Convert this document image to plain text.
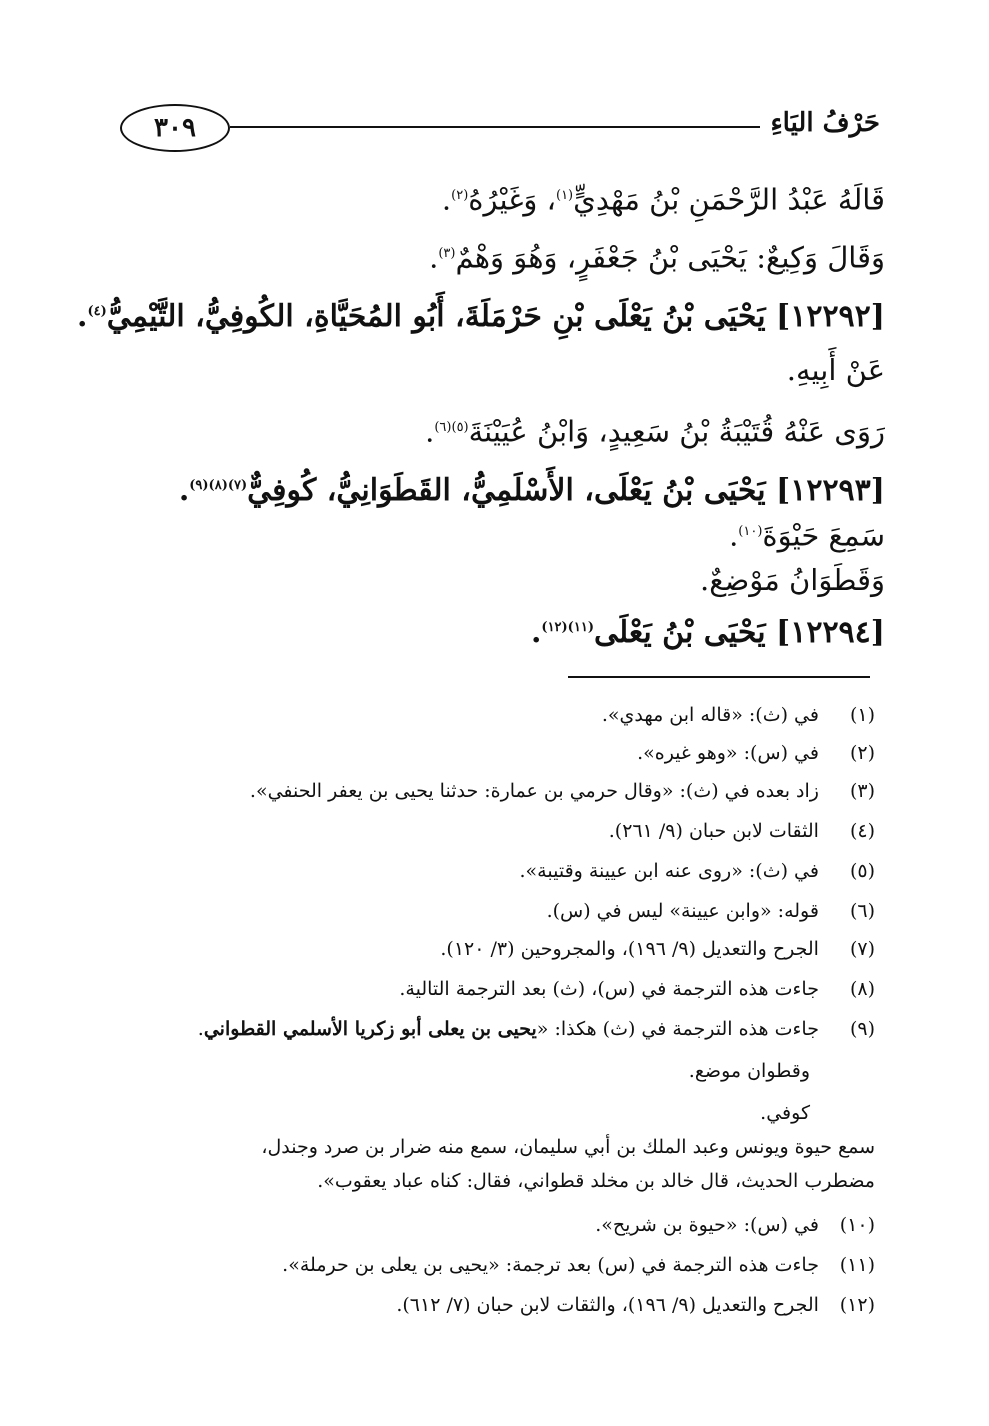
٣٠٩	حَرْفُ اليَاءِ
قَالَهُ عَبْدُ الرَّحْمَنِ بْنُ مَهْدِيٍّ$^{(١)}$، وَغَيْرُهُ$^{(٢)}$.
وَقَالَ وَكِيعٌ: يَحْيَى بْنُ جَعْفَرٍ، وَهُوَ وَهْمٌ$^{(٣)}$.
[١٢٢٩٢] يَحْيَى بْنُ يَعْلَى بْنِ حَرْمَلَةَ، أَبُو المُحَيَّاةِ، الكُوفِيُّ، التَّيْمِيُّ$^{(٤)}$.
عَنْ أَبِيهِ.
رَوَى عَنْهُ قُتَيْبَةُ بْنُ سَعِيدٍ، وَابْنُ عُيَيْنَةَ$^{(٥)(٦)}$.
[١٢٢٩٣] يَحْيَى بْنُ يَعْلَى، الأَسْلَمِيُّ، القَطَوَانِيُّ، كُوفِيٌّ$^{(٧)(٨)(٩)}$.
سَمِعَ حَيْوَةَ$^{(١٠)}$.
وَقَطَوَانُ مَوْضِعٌ.
[١٢٢٩٤] يَحْيَى بْنُ يَعْلَى$^{(١١)(١٢)}$.
(١) في (ث): «قاله ابن مهدي».
(٢) في (س): «وهو غيره».
(٣) زاد بعده في (ث): «وقال حرمي بن عمارة: حدثنا يحيى بن يعفر الحنفي».
(٤) الثقات لابن حبان (٩/ ٢٦١).
(٥) في (ث): «روى عنه ابن عيينة وقتيبة».
(٦) قوله: «وابن عيينة» ليس في (س).
(٧) الجرح والتعديل (٩/ ١٩٦)، والمجروحين (٣/ ١٢٠).
(٨) جاءت هذه الترجمة في (س)، (ث) بعد الترجمة التالية.
(٩) جاءت هذه الترجمة في (ث) هكذا: «يحيى بن يعلى أبو زكريا الأسلمي القطواني.
وقطوان موضع.
كوفي.
سمع حيوة ويونس وعبد الملك بن أبي سليمان، سمع منه ضرار بن صرد وجندل،
مضطرب الحديث، قال خالد بن مخلد قطواني، فقال: كناه عباد يعقوب».
(١٠) في (س): «حيوة بن شريح».
(١١) جاءت هذه الترجمة في (س) بعد ترجمة: «يحيى بن يعلى بن حرملة».
(١٢) الجرح والتعديل (٩/ ١٩٦)، والثقات لابن حبان (٧/ ٦١٢).
